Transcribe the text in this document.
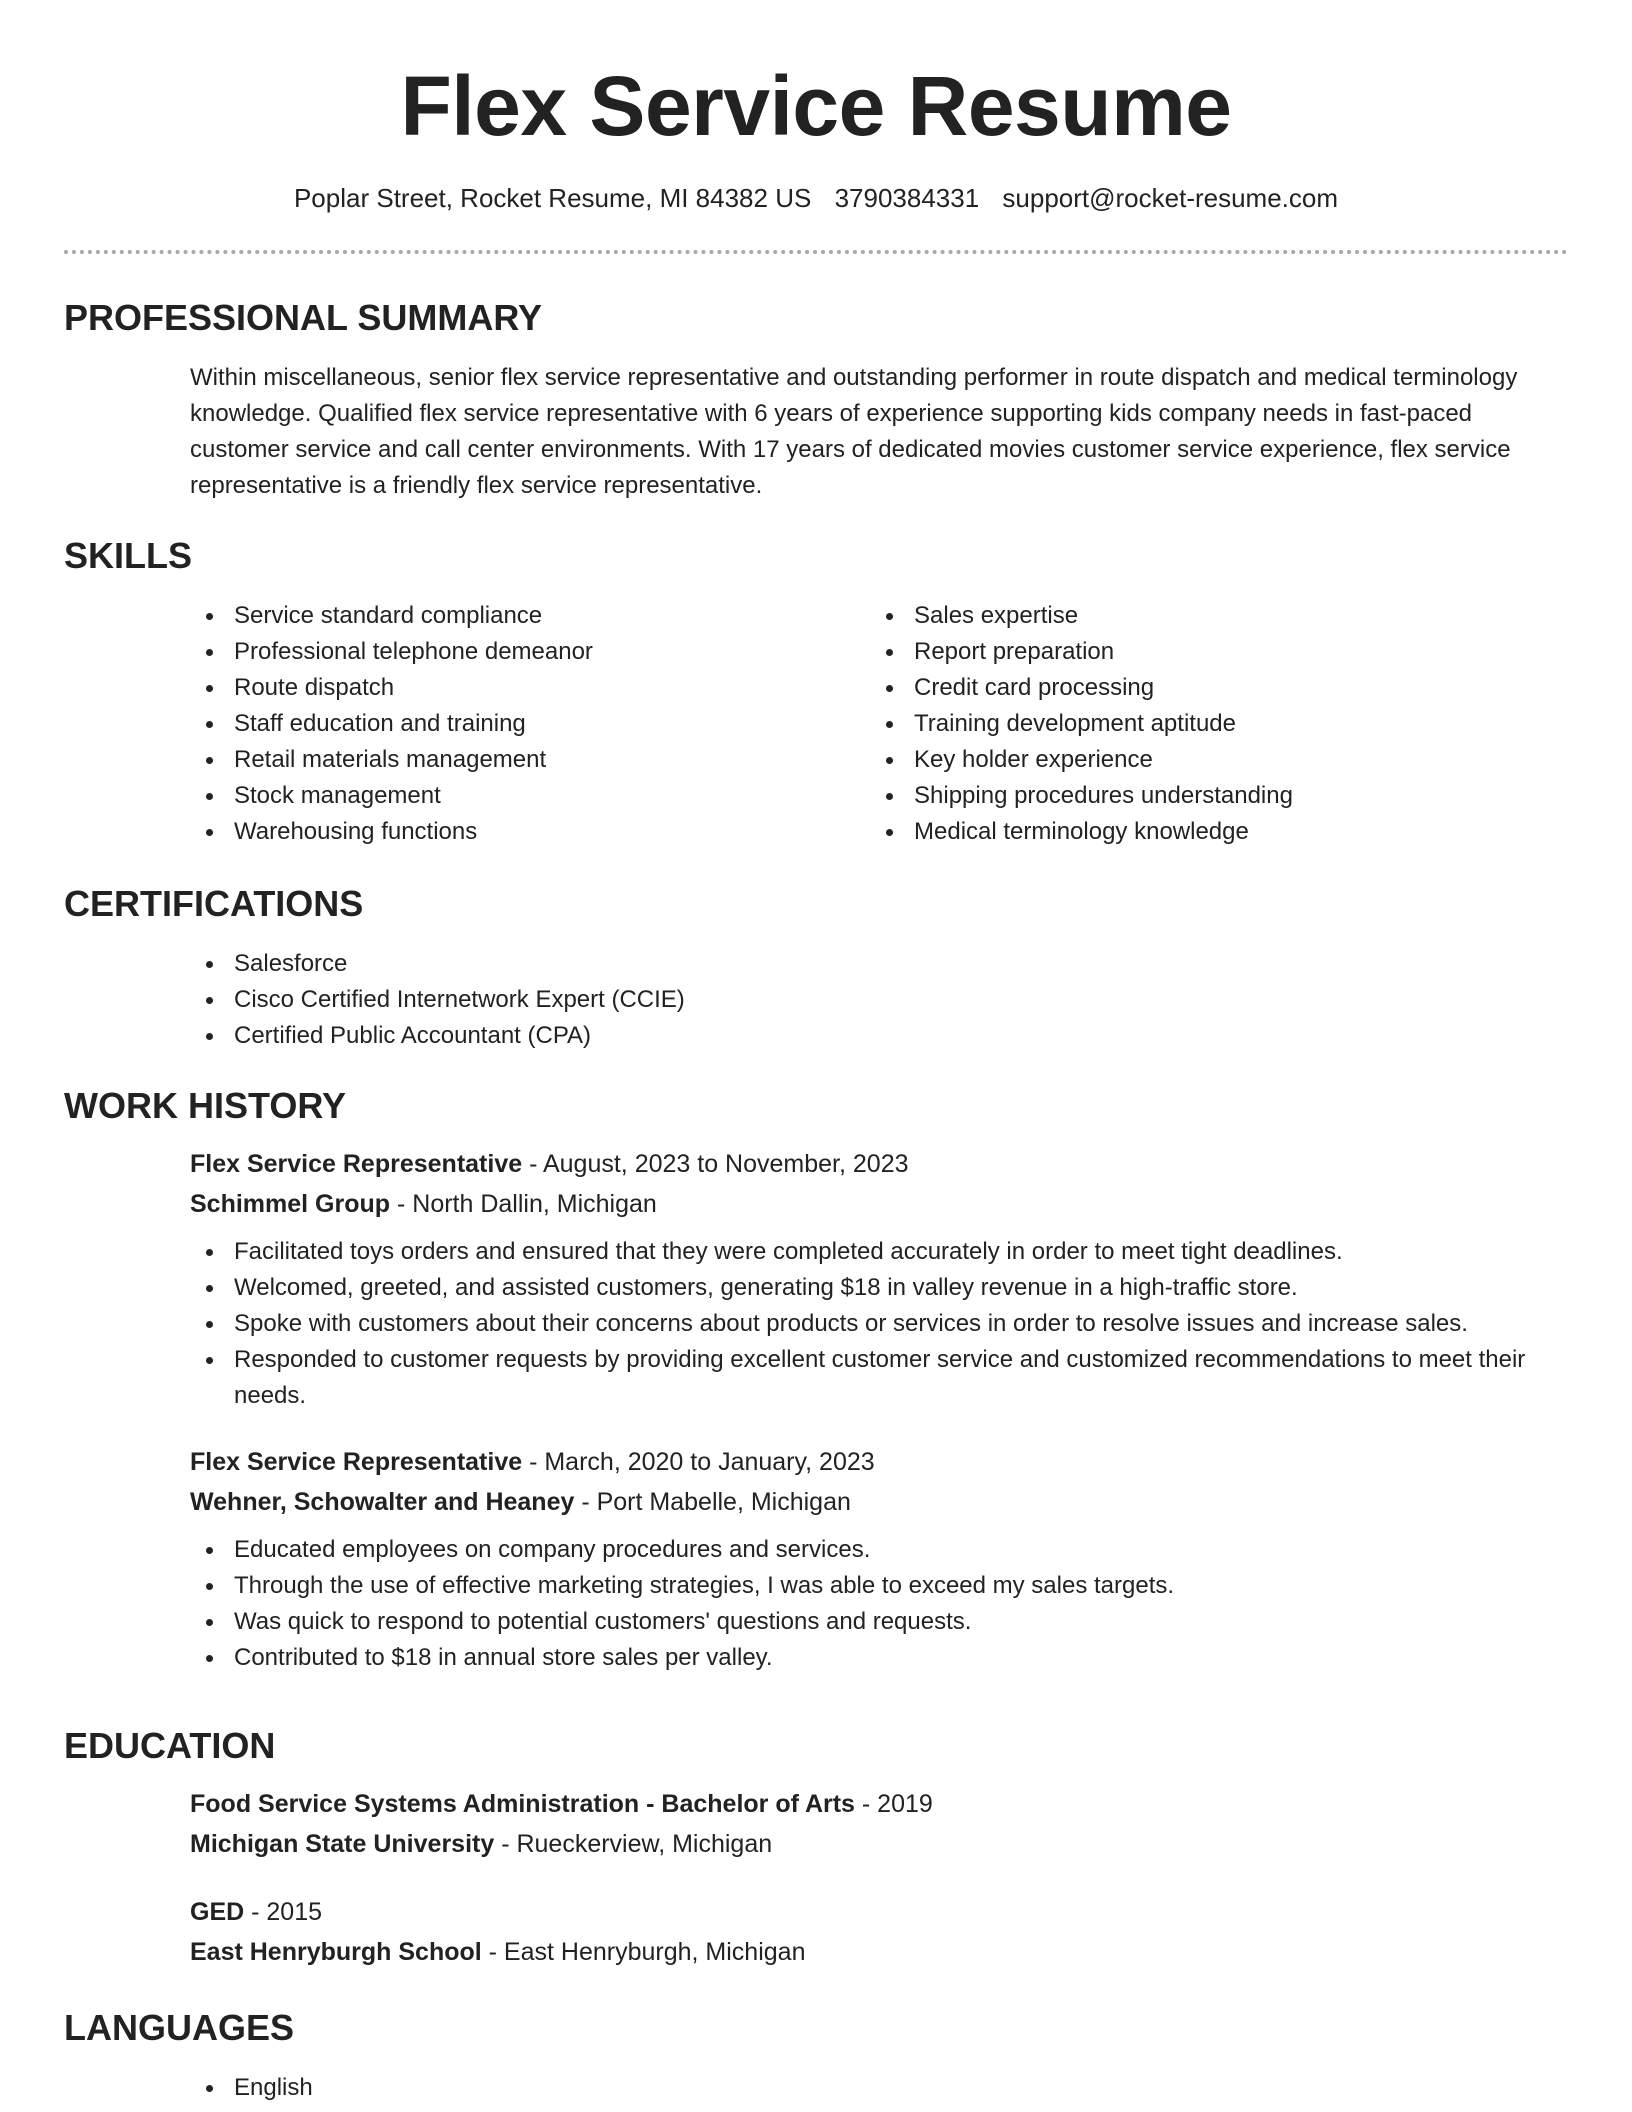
Flex Service Resume
Poplar Street, Rocket Resume, MI 84382 US 3790384331 support@rocket-resume.com
PROFESSIONAL SUMMARY

Within miscellaneous, senior flex service representative and outstanding performer in route dispatch and medical terminology knowledge. Qualified flex service representative with 6 years of experience supporting kids company needs in fast-paced customer service and call center environments. With 17 years of dedicated movies customer service experience, flex service representative is a friendly flex service representative.

SKILLS
Service standard compliance
Professional telephone demeanor
Route dispatch
Staff education and training
Retail materials management
Stock management
Warehousing functions
Sales expertise
Report preparation
Credit card processing
Training development aptitude
Key holder experience
Shipping procedures understanding
Medical terminology knowledge
CERTIFICATIONS
Salesforce
Cisco Certified Internetwork Expert (CCIE)
Certified Public Accountant (CPA)
WORK HISTORY
Flex Service Representative - August, 2023 to November, 2023
Schimmel Group - North Dallin, Michigan
Facilitated toys orders and ensured that they were completed accurately in order to meet tight deadlines.
Welcomed, greeted, and assisted customers, generating $18 in valley revenue in a high-traffic store.
Spoke with customers about their concerns about products or services in order to resolve issues and increase sales.
Responded to customer requests by providing excellent customer service and customized recommendations to meet their needs.
Flex Service Representative - March, 2020 to January, 2023
Wehner, Schowalter and Heaney - Port Mabelle, Michigan
Educated employees on company procedures and services.
Through the use of effective marketing strategies, I was able to exceed my sales targets.
Was quick to respond to potential customers' questions and requests.
Contributed to $18 in annual store sales per valley.
EDUCATION
Food Service Systems Administration - Bachelor of Arts - 2019
Michigan State University - Rueckerview, Michigan
GED - 2015
East Henryburgh School - East Henryburgh, Michigan
LANGUAGES
English
